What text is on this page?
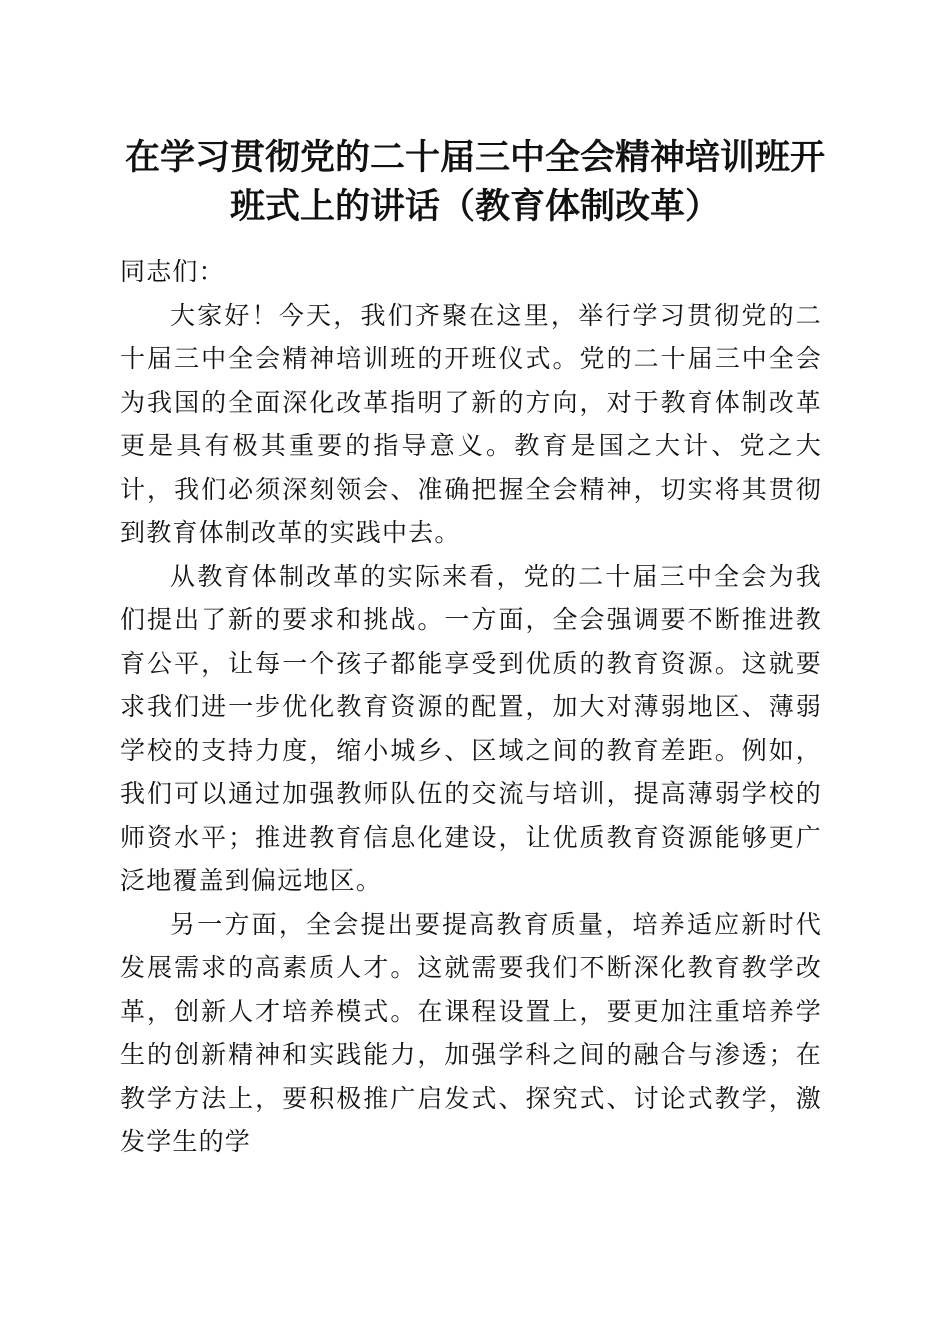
在学习贯彻党的二十届三中全会精神培训班开
班式上的讲话（教育体制改革）

同志们：

大家好！今天，我们齐聚在这里，举行学习贯彻党的二十届三中全会精神培训班的开班仪式。党的二十届三中全会为我国的全面深化改革指明了新的方向，对于教育体制改革更是具有极其重要的指导意义。教育是国之大计、党之大计，我们必须深刻领会、准确把握全会精神，切实将其贯彻到教育体制改革的实践中去。

从教育体制改革的实际来看，党的二十届三中全会为我们提出了新的要求和挑战。一方面，全会强调要不断推进教育公平，让每一个孩子都能享受到优质的教育资源。这就要求我们进一步优化教育资源的配置，加大对薄弱地区、薄弱学校的支持力度，缩小城乡、区域之间的教育差距。例如，我们可以通过加强教师队伍的交流与培训，提高薄弱学校的师资水平；推进教育信息化建设，让优质教育资源能够更广泛地覆盖到偏远地区。

另一方面，全会提出要提高教育质量，培养适应新时代发展需求的高素质人才。这就需要我们不断深化教育教学改革，创新人才培养模式。在课程设置上，要更加注重培养学生的创新精神和实践能力，加强学科之间的融合与渗透；在教学方法上，要积极推广启发式、探究式、讨论式教学，激发学生的学
